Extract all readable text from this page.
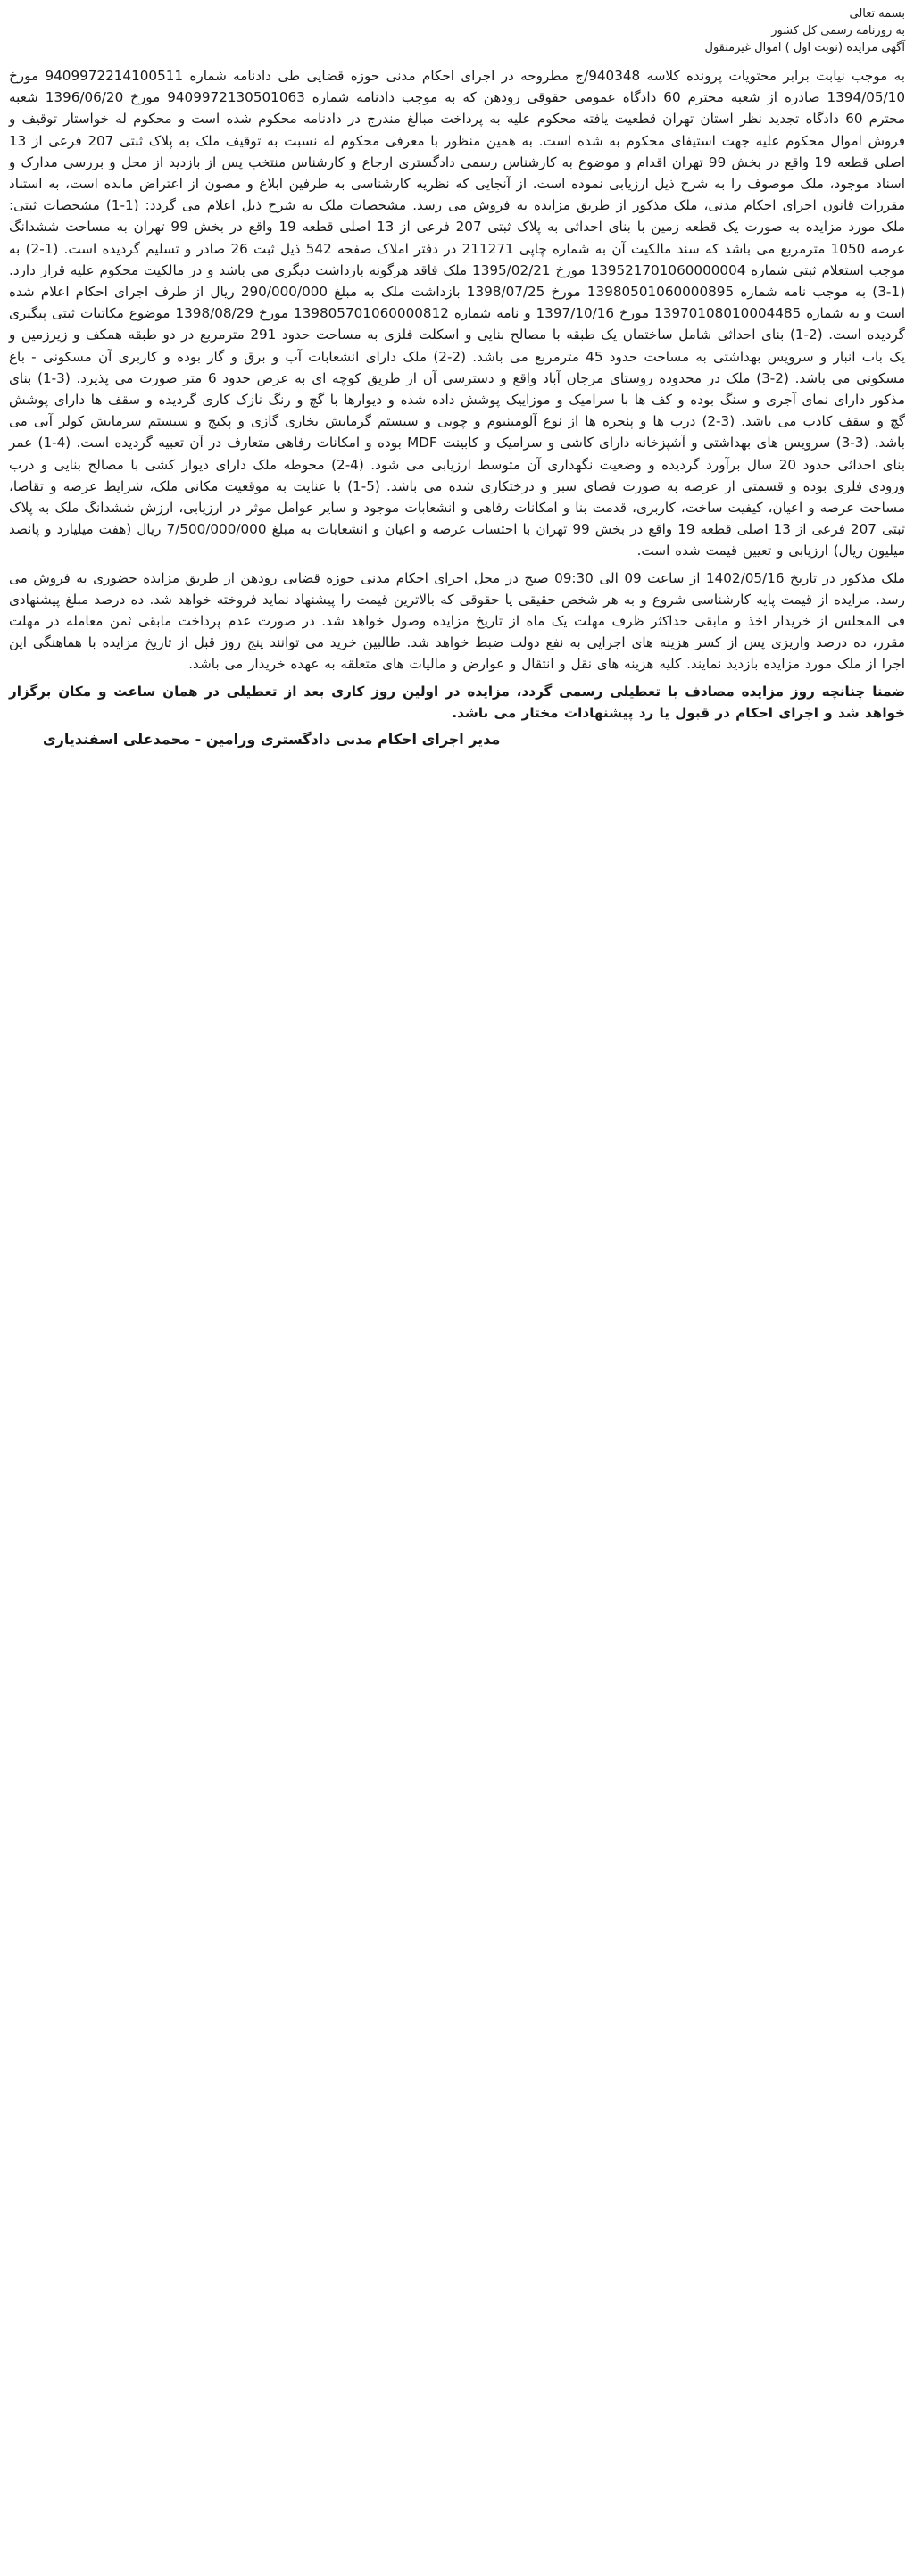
بسمه تعالی

به روزنامه رسمی کل کشور

آگهی مزایده (نوبت اول ) اموال غیرمنقول

به موجب نیابت برابر محتویات پرونده کلاسه 940348/ج مطروحه در اجرای احکام مدنی حوزه قضایی طی دادنامه شماره 9409972214100511 مورخ 1394/05/10 صادره از شعبه محترم 60 دادگاه عمومی حقوقی رودهن که به موجب دادنامه شماره 9409972130501063 مورخ 1396/06/20 شعبه محترم 60 دادگاه تجدید نظر استان تهران قطعیت یافته محکوم علیه به پرداخت مبالغ مندرج در دادنامه محکوم شده است و محکوم له خواستار توقیف و فروش اموال محکوم علیه جهت استیفای محکوم به شده است. به همین منظور با معرفی محکوم له نسبت به توقیف ملک به پلاک ثبتی 207 فرعی از 13 اصلی قطعه 19 واقع در بخش 99 تهران اقدام و موضوع به کارشناس رسمی دادگستری ارجاع و کارشناس منتخب پس از بازدید از محل و بررسی مدارک و اسناد موجود، ملک موصوف را به شرح ذیل ارزیابی نموده است. از آنجایی که نظریه کارشناسی به طرفین ابلاغ و مصون از اعتراض مانده است، به استناد مقررات قانون اجرای احکام مدنی، ملک مذکور از طریق مزایده به فروش می رسد. مشخصات ملک به شرح ذیل اعلام می گردد: (1-1) مشخصات ثبتی: ملک مورد مزایده به صورت یک قطعه زمین با بنای احداثی به پلاک ثبتی 207 فرعی از 13 اصلی قطعه 19 واقع در بخش 99 تهران به مساحت ششدانگ عرصه 1050 مترمربع می باشد که سند مالکیت آن به شماره چاپی 211271 در دفتر املاک صفحه 542 ذیل ثبت 26 صادر و تسلیم گردیده است. (1-2) به موجب استعلام ثبتی شماره 139521701060000004 مورخ 1395/02/21 ملک فاقد هرگونه بازداشت دیگری می باشد و در مالکیت محکوم علیه قرار دارد. (1-3) به موجب نامه شماره 13980501060000895 مورخ 1398/07/25 بازداشت ملک به مبلغ 290/000/000 ریال از طرف اجرای احکام اعلام شده است و به شماره 13970108010004485 مورخ 1397/10/16 و نامه شماره 139805701060000812 مورخ 1398/08/29 موضوع مکاتبات ثبتی پیگیری گردیده است. (2-1) بنای احداثی شامل ساختمان یک طبقه با مصالح بنایی و اسکلت فلزی به مساحت حدود 291 مترمربع در دو طبقه همکف و زیرزمین و یک باب انبار و سرویس بهداشتی به مساحت حدود 45 مترمربع می باشد. (2-2) ملک دارای انشعابات آب و برق و گاز بوده و کاربری آن مسکونی - باغ مسکونی می باشد. (2-3) ملک در محدوده روستای مرجان آباد واقع و دسترسی آن از طریق کوچه ای به عرض حدود 6 متر صورت می پذیرد. (3-1) بنای مذکور دارای نمای آجری و سنگ بوده و کف ها با سرامیک و موزاییک پوشش داده شده و دیوارها با گچ و رنگ نازک کاری گردیده و سقف ها دارای پوشش گچ و سقف کاذب می باشد. (3-2) درب ها و پنجره ها از نوع آلومینیوم و چوبی و سیستم گرمایش بخاری گازی و پکیج و سیستم سرمایش کولر آبی می باشد. (3-3) سرویس های بهداشتی و آشپزخانه دارای کاشی و سرامیک و کابینت MDF بوده و امکانات رفاهی متعارف در آن تعبیه گردیده است. (4-1) عمر بنای احداثی حدود 20 سال برآورد گردیده و وضعیت نگهداری آن متوسط ارزیابی می شود. (4-2) محوطه ملک دارای دیوار کشی با مصالح بنایی و درب ورودی فلزی بوده و قسمتی از عرصه به صورت فضای سبز و درختکاری شده می باشد. (5-1) با عنایت به موقعیت مکانی ملک، شرایط عرضه و تقاضا، مساحت عرصه و اعیان، کیفیت ساخت، کاربری، قدمت بنا و امکانات رفاهی و انشعابات موجود و سایر عوامل موثر در ارزیابی، ارزش ششدانگ ملک به پلاک ثبتی 207 فرعی از 13 اصلی قطعه 19 واقع در بخش 99 تهران با احتساب عرصه و اعیان و انشعابات به مبلغ 7/500/000/000 ریال (هفت میلیارد و پانصد میلیون ریال) ارزیابی و تعیین قیمت شده است.

ملک مذکور در تاریخ 1402/05/16 از ساعت 09 الی 09:30 صبح در محل اجرای احکام مدنی حوزه قضایی رودهن از طریق مزایده حضوری به فروش می رسد. مزایده از قیمت پایه کارشناسی شروع و به هر شخص حقیقی یا حقوقی که بالاترین قیمت را پیشنهاد نماید فروخته خواهد شد. ده درصد مبلغ پیشنهادی فی المجلس از خریدار اخذ و مابقی حداکثر ظرف مهلت یک ماه از تاریخ مزایده وصول خواهد شد. در صورت عدم پرداخت مابقی ثمن معامله در مهلت مقرر، ده درصد واریزی پس از کسر هزینه های اجرایی به نفع دولت ضبط خواهد شد. طالبین خرید می توانند پنج روز قبل از تاریخ مزایده با هماهنگی این اجرا از ملک مورد مزایده بازدید نمایند. کلیه هزینه های نقل و انتقال و عوارض و مالیات های متعلقه به عهده خریدار می باشد.

ضمنا چنانچه روز مزایده مصادف با تعطیلی رسمی گردد، مزایده در اولین روز کاری بعد از تعطیلی در همان ساعت و مکان برگزار خواهد شد و اجرای احکام در قبول یا رد پیشنهادات مختار می باشد.

مدیر اجرای احکام مدنی دادگستری ورامین - محمدعلی اسفندیاری
